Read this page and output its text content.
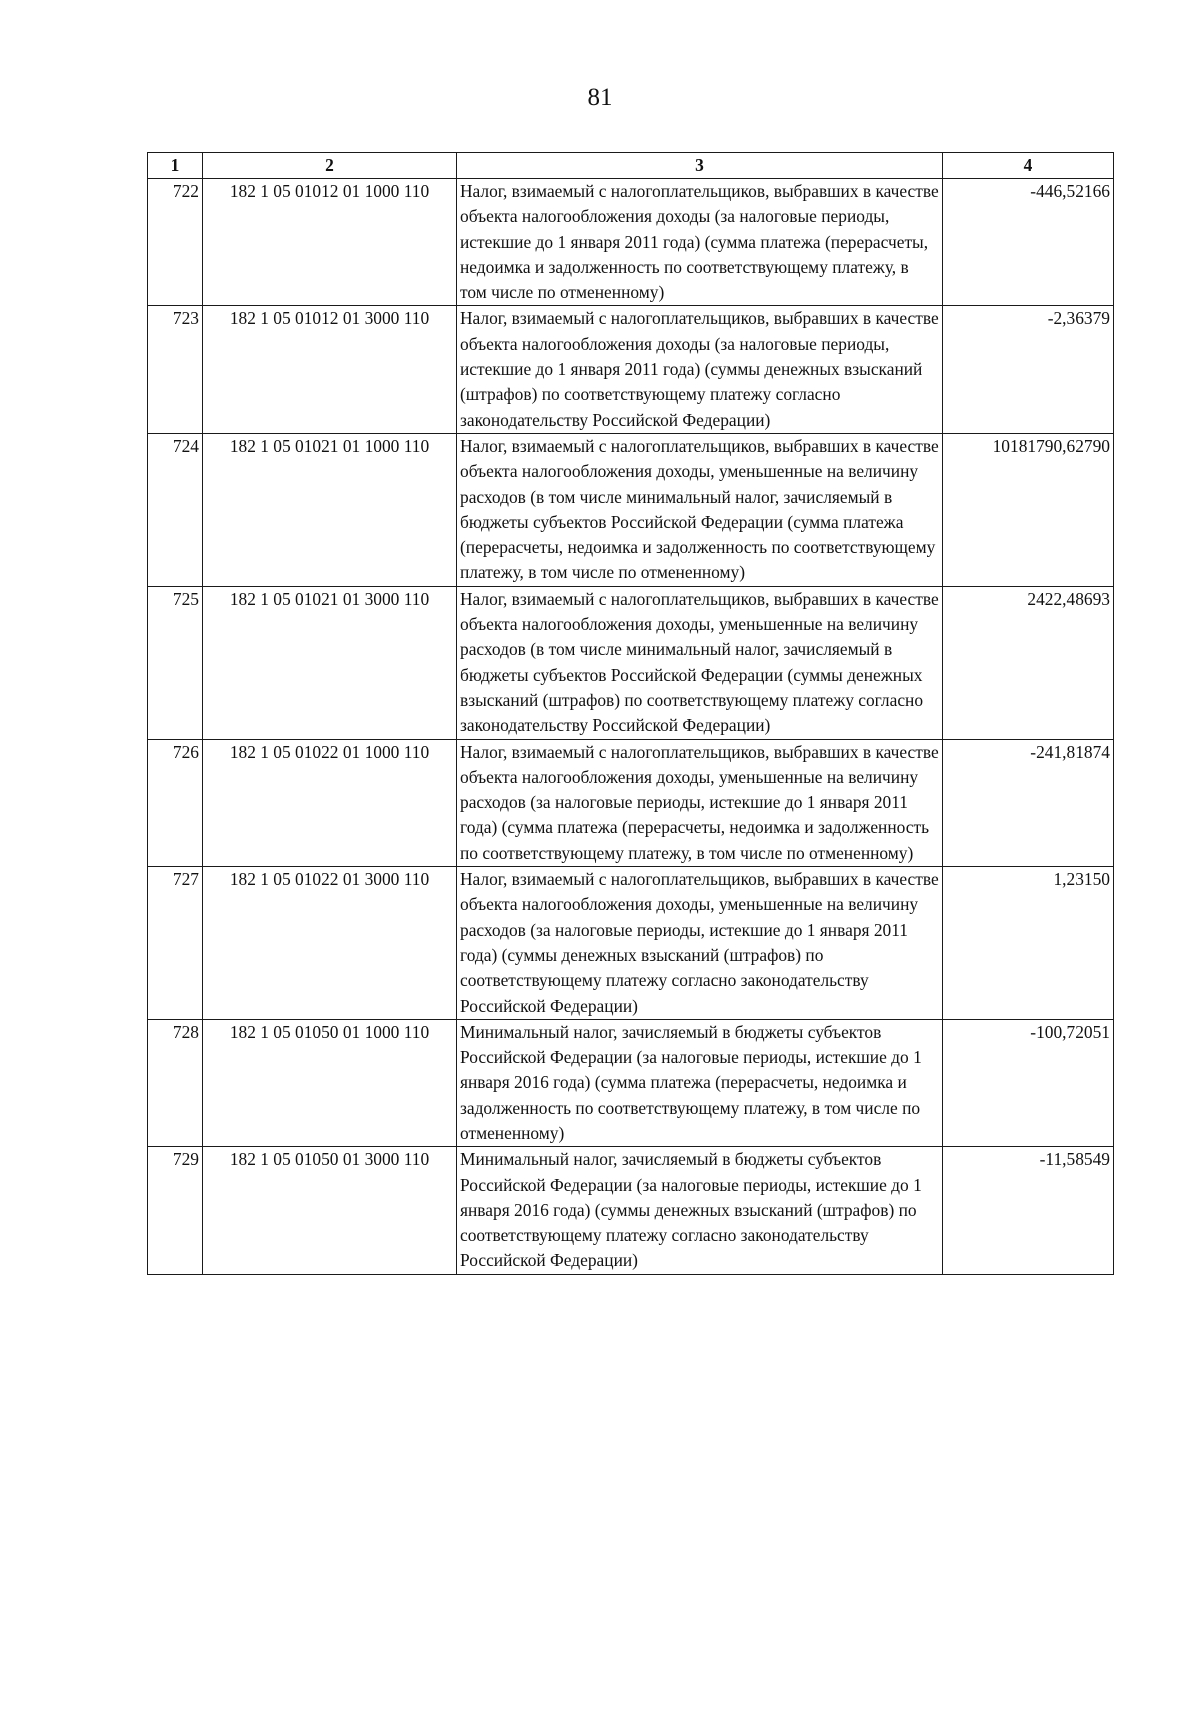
81
1	2	3	4
722	182 1 05 01012 01 1000 110	Налог, взимаемый с налогоплательщиков, выбравших в качестве объекта налогообложения доходы (за налоговые периоды, истекшие до 1 января 2011 года) (сумма платежа (перерасчеты, недоимка и задолженность по соответствующему платежу, в том числе по отмененному)	-446,52166
723	182 1 05 01012 01 3000 110	Налог, взимаемый с налогоплательщиков, выбравших в качестве объекта налогообложения доходы (за налоговые периоды, истекшие до 1 января 2011 года) (суммы денежных взысканий (штрафов) по соответствующему платежу согласно законодательству Российской Федерации)	-2,36379
724	182 1 05 01021 01 1000 110	Налог, взимаемый с налогоплательщиков, выбравших в качестве объекта налогообложения доходы, уменьшенные на величину расходов (в том числе минимальный налог, зачисляемый в бюджеты субъектов Российской Федерации (сумма платежа (перерасчеты, недоимка и задолженность по соответствующему платежу, в том числе по отмененному)	10181790,62790
725	182 1 05 01021 01 3000 110	Налог, взимаемый с налогоплательщиков, выбравших в качестве объекта налогообложения доходы, уменьшенные на величину расходов (в том числе минимальный налог, зачисляемый в бюджеты субъектов Российской Федерации (суммы денежных взысканий (штрафов) по соответствующему платежу согласно законодательству Российской Федерации)	2422,48693
726	182 1 05 01022 01 1000 110	Налог, взимаемый с налогоплательщиков, выбравших в качестве объекта налогообложения доходы, уменьшенные на величину расходов (за налоговые периоды, истекшие до 1 января 2011 года) (сумма платежа (перерасчеты, недоимка и задолженность по соответствующему платежу, в том числе по отмененному)	-241,81874
727	182 1 05 01022 01 3000 110	Налог, взимаемый с налогоплательщиков, выбравших в качестве объекта налогообложения доходы, уменьшенные на величину расходов (за налоговые периоды, истекшие до 1 января 2011 года) (суммы денежных взысканий (штрафов) по соответствующему платежу согласно законодательству Российской Федерации)	1,23150
728	182 1 05 01050 01 1000 110	Минимальный налог, зачисляемый в бюджеты субъектов Российской Федерации (за налоговые периоды, истекшие до 1 января 2016 года) (сумма платежа (перерасчеты, недоимка и задолженность по соответствующему платежу, в том числе по отмененному)	-100,72051
729	182 1 05 01050 01 3000 110	Минимальный налог, зачисляемый в бюджеты субъектов Российской Федерации (за налоговые периоды, истекшие до 1 января 2016 года) (суммы денежных взысканий (штрафов) по соответствующему платежу согласно законодательству Российской Федерации)	-11,58549
